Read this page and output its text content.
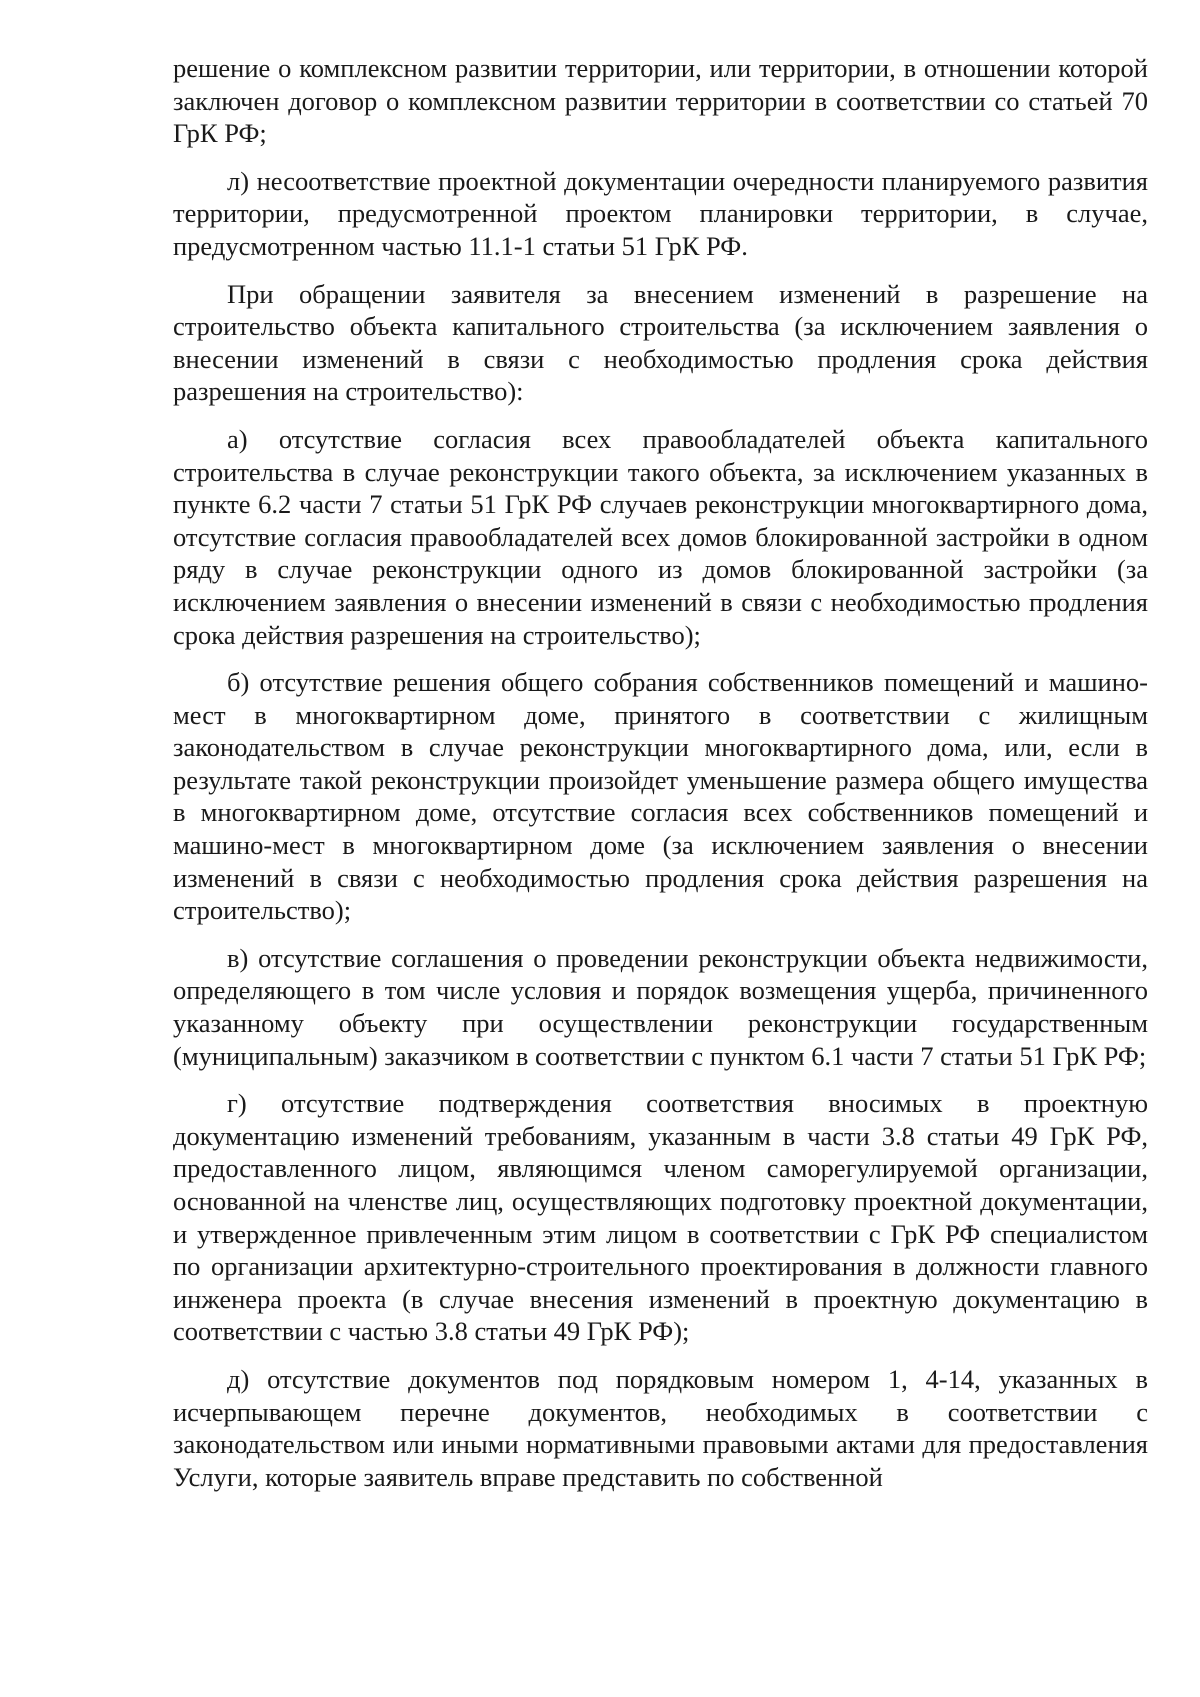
решение о комплексном развитии территории, или территории, в отношении которой заключен договор о комплексном развитии территории в соответствии со статьей 70 ГрК РФ;

л) несоответствие проектной документации очередности планируемого развития территории, предусмотренной проектом планировки территории, в случае, предусмотренном частью 11.1-1 статьи 51 ГрК РФ.

При обращении заявителя за внесением изменений в разрешение на строительство объекта капитального строительства (за исключением заявления о внесении изменений в связи с необходимостью продления срока действия разрешения на строительство):

а) отсутствие согласия всех правообладателей объекта капитального строительства в случае реконструкции такого объекта, за исключением указанных в пункте 6.2 части 7 статьи 51 ГрК РФ случаев реконструкции многоквартирного дома, отсутствие согласия правообладателей всех домов блокированной застройки в одном ряду в случае реконструкции одного из домов блокированной застройки (за исключением заявления о внесении изменений в связи с необходимостью продления срока действия разрешения на строительство);

б) отсутствие решения общего собрания собственников помещений и машино-мест в многоквартирном доме, принятого в соответствии с жилищным законодательством в случае реконструкции многоквартирного дома, или, если в результате такой реконструкции произойдет уменьшение размера общего имущества в многоквартирном доме, отсутствие согласия всех собственников помещений и машино-мест в многоквартирном доме (за исключением заявления о внесении изменений в связи с необходимостью продления срока действия разрешения на строительство);

в) отсутствие соглашения о проведении реконструкции объекта недвижимости, определяющего в том числе условия и порядок возмещения ущерба, причиненного указанному объекту при осуществлении реконструкции государственным (муниципальным) заказчиком в соответствии с пунктом 6.1 части 7 статьи 51 ГрК РФ;

г) отсутствие подтверждения соответствия вносимых в проектную документацию изменений требованиям, указанным в части 3.8 статьи 49 ГрК РФ, предоставленного лицом, являющимся членом саморегулируемой организации, основанной на членстве лиц, осуществляющих подготовку проектной документации, и утвержденное привлеченным этим лицом в соответствии с ГрК РФ специалистом по организации архитектурно-строительного проектирования в должности главного инженера проекта (в случае внесения изменений в проектную документацию в соответствии с частью 3.8 статьи 49 ГрК РФ);

д) отсутствие документов под порядковым номером 1, 4-14, указанных в исчерпывающем перечне документов, необходимых в соответствии с законодательством или иными нормативными правовыми актами для предоставления Услуги, которые заявитель вправе представить по собственной
